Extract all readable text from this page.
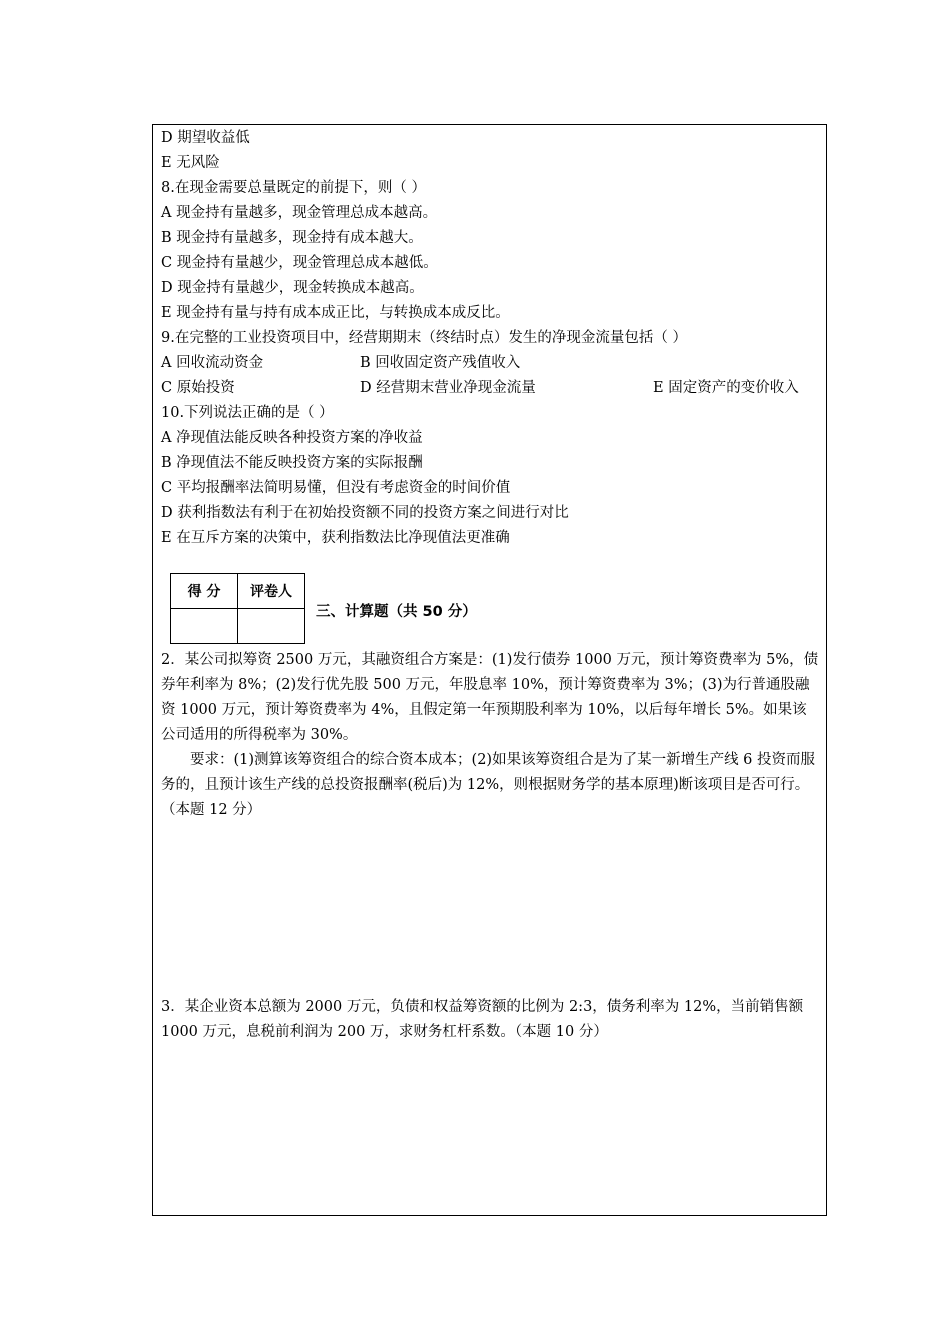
D 期望收益低
E 无风险
8.在现金需要总量既定的前提下，则（ ）
A 现金持有量越多，现金管理总成本越高。
B 现金持有量越多，现金持有成本越大。
C 现金持有量越少，现金管理总成本越低。
D 现金持有量越少，现金转换成本越高。
E 现金持有量与持有成本成正比，与转换成本成反比。
9.在完整的工业投资项目中，经营期期末（终结时点）发生的净现金流量包括（ ）
A 回收流动资金	B 回收固定资产残值收入
C 原始投资	D 经营期末营业净现金流量	E 固定资产的变价收入
10.下列说法正确的是（ ）
A 净现值法能反映各种投资方案的净收益
B 净现值法不能反映投资方案的实际报酬
C 平均报酬率法简明易懂，但没有考虑资金的时间价值
D 获利指数法有利于在初始投资额不同的投资方案之间进行对比
E 在互斥方案的决策中，获利指数法比净现值法更准确
得 分	评卷人

三、计算题（共 50 分）

2．某公司拟筹资 2500 万元，其融资组合方案是：(1)发行债券 1000 万元，预计筹资费率为 5%，债券年利率为 8%；(2)发行优先股 500 万元，年股息率 10%，预计筹资费率为 3%；(3)为行普通股融资 1000 万元，预计筹资费率为 4%，且假定第一年预期股利率为 10%，以后每年增长 5%。如果该公司适用的所得税率为 30%。

要求：(1)测算该筹资组合的综合资本成本；(2)如果该筹资组合是为了某一新增生产线 6 投资而服务的，且预计该生产线的总投资报酬率(税后)为 12%，则根据财务学的基本原理)断该项目是否可行。（本题 12 分）

3．某企业资本总额为 2000 万元，负债和权益筹资额的比例为 2:3，债务利率为 12%，当前销售额 1000 万元，息税前利润为 200 万，求财务杠杆系数。（本题 10 分）
